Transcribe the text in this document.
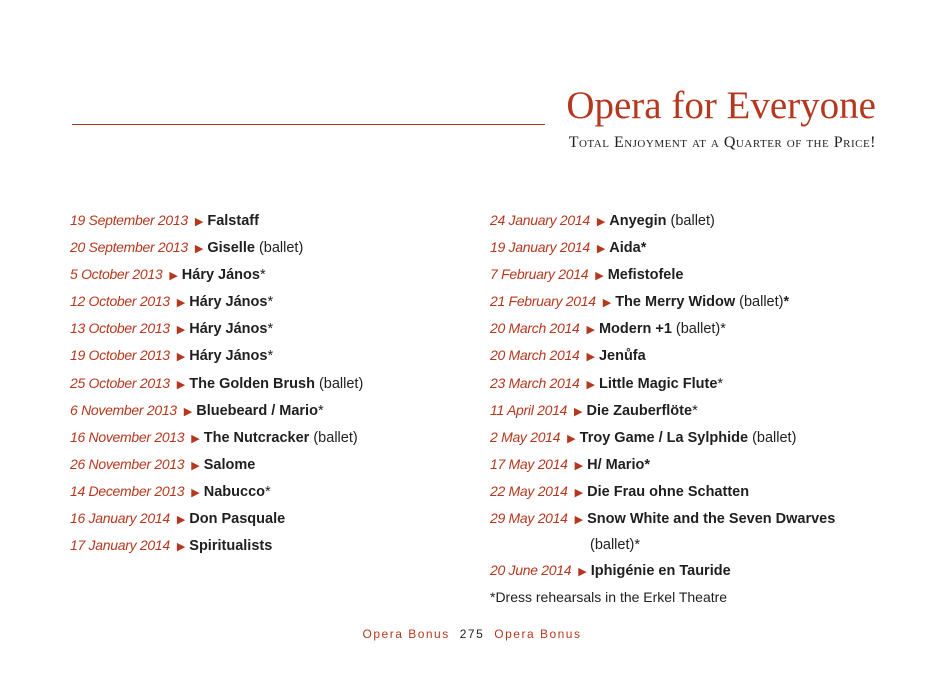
Opera for Everyone
Total Enjoyment at a Quarter of the Price!
19 September 2013 ▶ Falstaff
20 September 2013 ▶ Giselle (ballet)
5 October 2013 ▶ Háry János*
12 October 2013 ▶ Háry János*
13 October 2013 ▶ Háry János*
19 October 2013 ▶ Háry János*
25 October 2013 ▶ The Golden Brush (ballet)
6 November 2013 ▶ Bluebeard / Mario*
16 November 2013 ▶ The Nutcracker (ballet)
26 November 2013 ▶ Salome
14 December 2013 ▶ Nabucco*
16 January 2014 ▶ Don Pasquale
17 January 2014 ▶ Spiritualists
24 January 2014 ▶ Anyegin (ballet)
19 January 2014 ▶ Aida*
7 February 2014 ▶ Mefistofele
21 February 2014 ▶ The Merry Widow (ballet)*
20 March 2014 ▶ Modern +1 (ballet)*
20 March 2014 ▶ Jenůfa
23 March 2014 ▶ Little Magic Flute*
11 April 2014 ▶ Die Zauberflöte*
2 May 2014 ▶ Troy Game / La Sylphide (ballet)
17 May 2014 ▶ H/ Mario*
22 May 2014 ▶ Die Frau ohne Schatten
29 May 2014 ▶ Snow White and the Seven Dwarves
(ballet)*
20 June 2014 ▶ Iphigénie en Tauride
*Dress rehearsals in the Erkel Theatre
Opera Bonus 275 Opera Bonus
